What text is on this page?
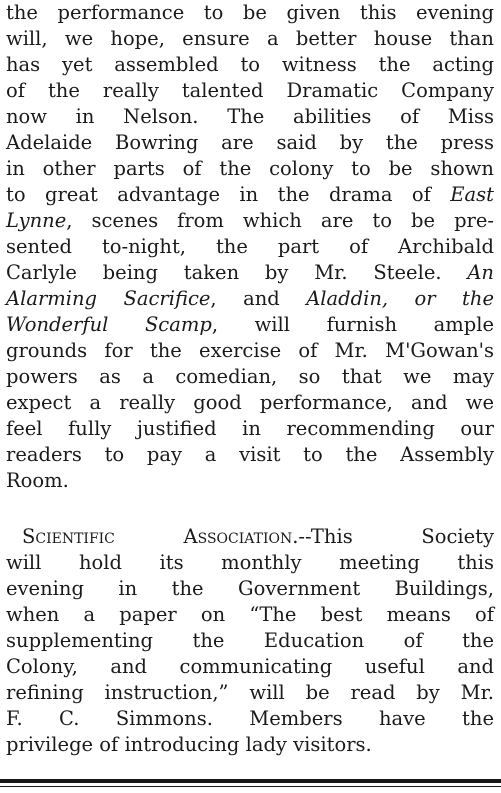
the performance to be given this evening
will, we hope, ensure a better house than
has yet assembled to witness the acting
of the really talented Dramatic Company
now in Nelson. The abilities of Miss
Adelaide Bowring are said by the press
in other parts of the colony to be shown
to great advantage in the drama of East
Lynne, scenes from which are to be pre-
sented to-night, the part of Archibald
Carlyle being taken by Mr. Steele. An
Alarming Sacrifice, and Aladdin, or the
Wonderful Scamp, will furnish ample
grounds for the exercise of Mr. M'Gowan's
powers as a comedian, so that we may
expect a really good performance, and we
feel fully justified in recommending our
readers to pay a visit to the Assembly
Room.
Scientific Association.--This Society
will hold its monthly meeting this
evening in the Government Buildings,
when a paper on “The best means of
supplementing the Education of the
Colony, and communicating useful and
refining instruction,” will be read by Mr.
F. C. Simmons. Members have the
privilege of introducing lady visitors.
